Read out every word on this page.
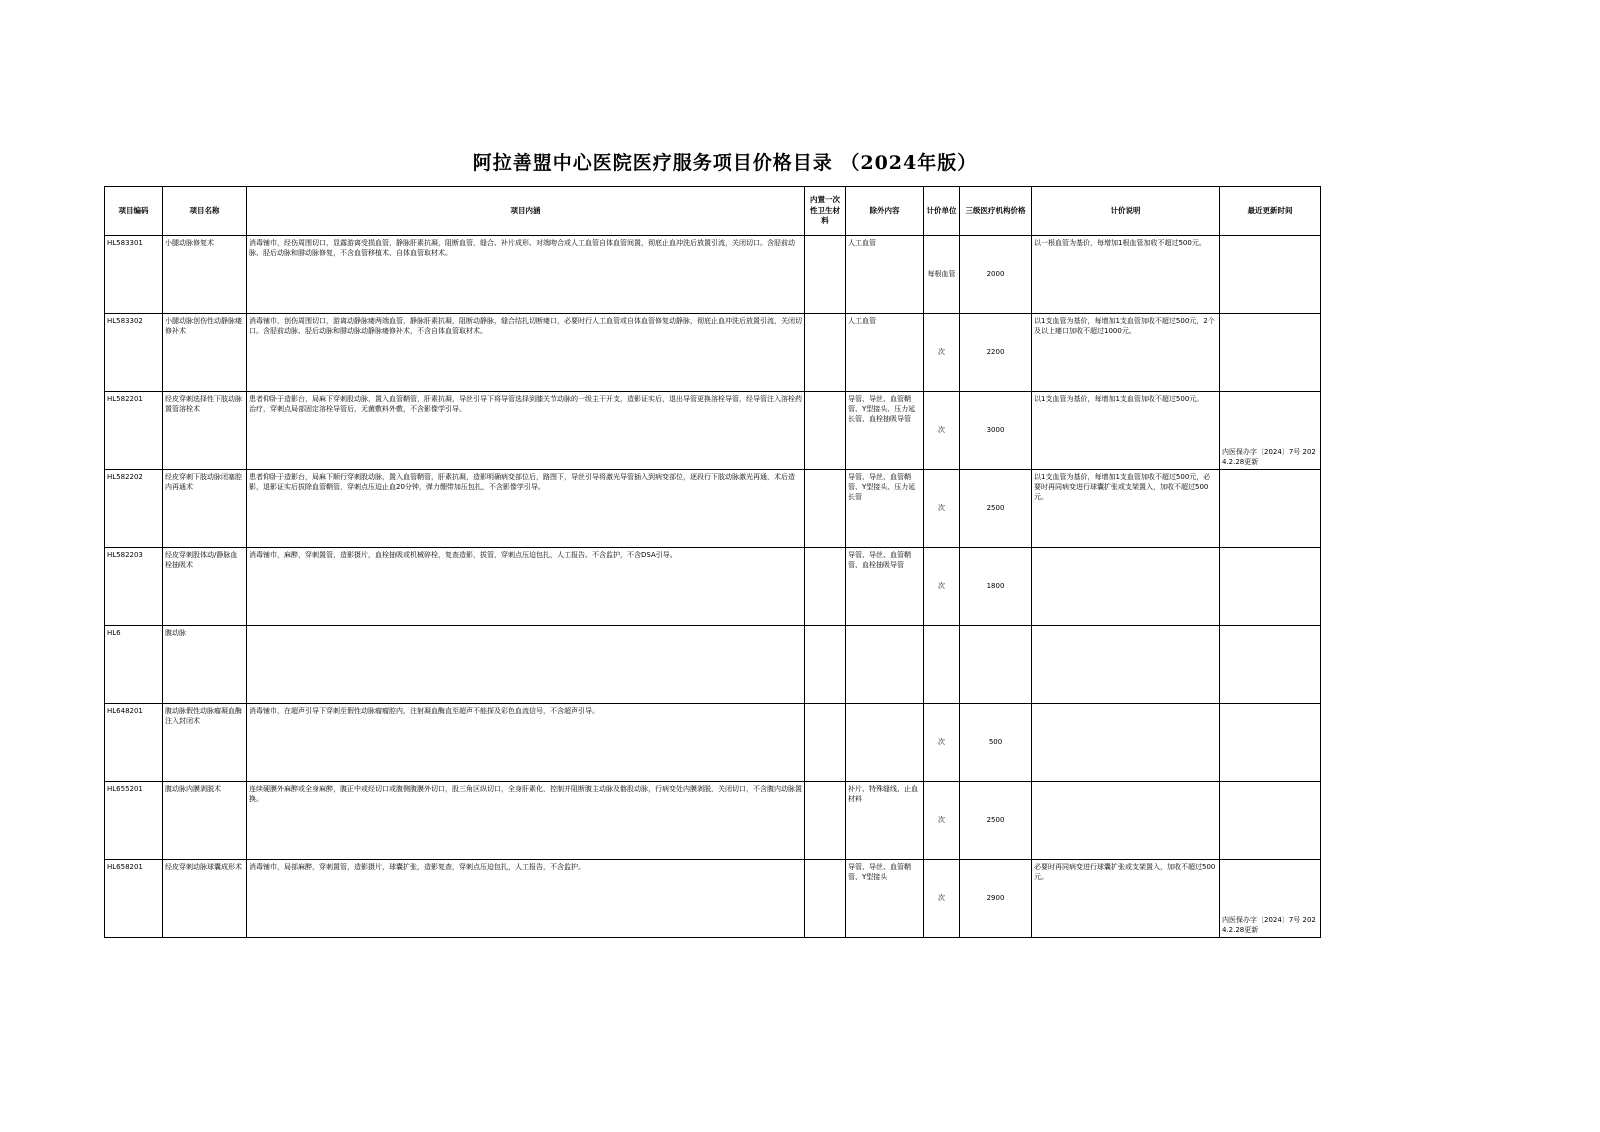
阿拉善盟中心医院医疗服务项目价格目录 （2024年版）
项目编码	项目名称	项目内涵	内置一次性卫生材料	除外内容	计价单位	三级医疗机构价格	计价说明	最近更新时间
HL583301	小腿动脉修复术	消毒铺巾，经伤周围切口，显露游离受损血管，静脉肝素抗凝，阻断血管，缝合、补片成形、对端吻合或人工血管自体血管间置，彻底止血冲洗后放置引流，关闭切口。含胫前动脉、胫后动脉和腓动脉修复，不含血管移植术、自体血管取材术。		人工血管	每根血管	2000	以一根血管为基价，每增加1根血管加收不超过500元。	
HL583302	小腿动脉创伤性动静脉瘘修补术	消毒铺巾，创伤周围切口，游离动静脉瘘两端血管，静脉肝素抗凝，阻断动静脉，缝合结扎切断瘘口，必要时行人工血管或自体血管修复动静脉，彻底止血冲洗后放置引流，关闭切口。含胫前动脉、胫后动脉和腓动脉动静脉瘘修补术，不含自体血管取材术。		人工血管	次	2200	以1支血管为基价，每增加1支血管加收不超过500元，2个及以上瘘口加收不超过1000元。	
HL582201	经皮穿刺选择性下肢动脉置管溶栓术	患者仰卧于造影台，局麻下穿刺股动脉，置入血管鞘管，肝素抗凝，导丝引导下将导管选择到膝关节动脉的一级主干开支，造影证实后，退出导管更换溶栓导管，经导管注入溶栓药治疗，穿刺点局部固定溶栓导管后，无菌敷料外敷，不含影像学引导。		导管、导丝、血管鞘管、Y型接头、压力延长管、血栓抽吸导管	次	3000	以1支血管为基价，每增加1支血管加收不超过500元。	内医保办字〔2024〕7号 2024.2.28更新
HL582202	经皮穿刺下肢动脉闭塞腔内再通术	患者仰卧于造影台，局麻下顺行穿刺股动脉，置入血管鞘管，肝素抗凝，造影明确病变部位后，路图下，导丝引导将激光导管插入到病变部位，逐段行下肢动脉激光再通，术后造影，退影证实后拔除血管鞘管，穿刺点压迫止血20分钟，弹力绷带加压包扎，不含影像学引导。		导管、导丝、血管鞘管、Y型接头、压力延长管	次	2500	以1支血管为基价，每增加1支血管加收不超过500元，必要时再同病变进行球囊扩张或支架置入，加收不超过500元。	
HL582203	经皮穿刺股体动/静脉血栓抽吸术	消毒铺巾，麻醉，穿刺置管，造影摄片，血栓抽吸或机械碎栓，复查造影，拔管，穿刺点压迫包扎，人工报告。不含监护，不含DSA引导。		导管、导丝、血管鞘管、血栓抽吸导管	次	1800		
HL6	腹动脉							
HL648201	腹动脉假性动脉瘤凝血酶注入封闭术	消毒铺巾，在超声引导下穿刺至假性动脉瘤瘤腔内，注射凝血酶直至超声不能探及彩色血流信号，不含超声引导。			次	500		
HL655201	腹动脉内膜剥脱术	连续硬膜外麻醉或全身麻醉，腹正中或经切口或腹侧腹膜外切口，股三角区纵切口，全身肝素化，控制并阻断腹主动脉及髂股动脉，行病变处内膜剥脱，关闭切口，不含腹内动脉置换。		补片、特殊缝线、止血材料	次	2500		
HL658201	经皮穿刺动脉球囊成形术	消毒铺巾，局部麻醉，穿刺置管，造影摄片，球囊扩张，造影复查，穿刺点压迫包扎，人工报告，不含监护。		导管、导丝、血管鞘管、Y型接头	次	2900	必要时再同病变进行球囊扩张或支架置入，加收不超过500元。	内医保办字〔2024〕7号 2024.2.28更新
